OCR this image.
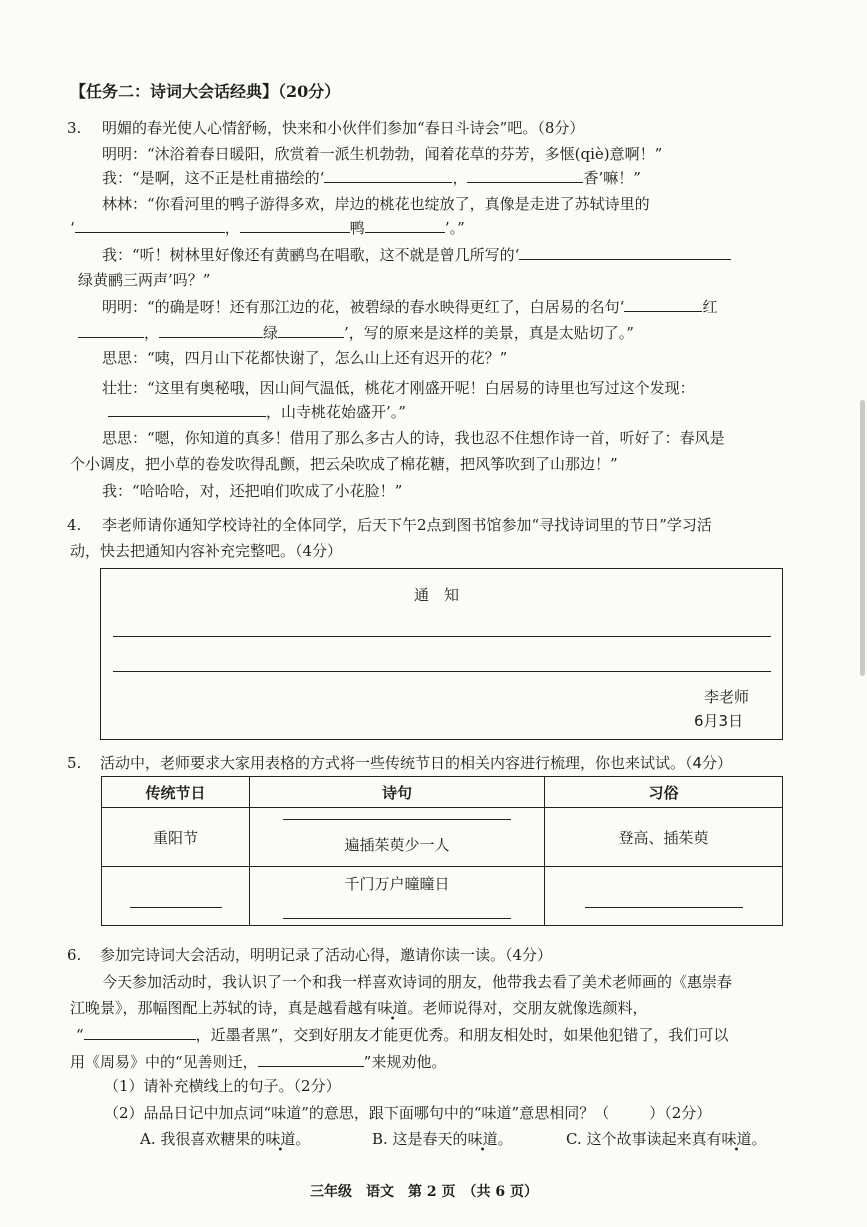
【任务二：诗词大会话经典】（20分）
3. 明媚的春光使人心情舒畅，快来和小伙伴们参加“春日斗诗会”吧。（8分）
明明：“沐浴着春日暖阳，欣赏着一派生机勃勃，闻着花草的芬芳，多惬(qiè)意啊！”
我：“是啊，这不正是杜甫描绘的‘	，	香’嘛！”
林林：“你看河里的鸭子游得多欢，岸边的桃花也绽放了，真像是走进了苏轼诗里的
‘	，	鸭	’。”
我：“听！树林里好像还有黄鹂鸟在唱歌，这不就是曾几所写的‘
绿黄鹂三两声’吗？”
明明：“的确是呀！还有那江边的花，被碧绿的春水映得更红了，白居易的名句‘	红
，	绿	’，写的原来是这样的美景，真是太贴切了。”
思思：“咦，四月山下花都快谢了，怎么山上还有迟开的花？”
壮壮：“这里有奥秘哦，因山间气温低，桃花才刚盛开呢！白居易的诗里也写过这个发现：
，山寺桃花始盛开’。”
思思：“嗯，你知道的真多！借用了那么多古人的诗，我也忍不住想作诗一首，听好了：春风是
个小调皮，把小草的卷发吹得乱颤，把云朵吹成了棉花糖，把风筝吹到了山那边！”
我：“哈哈哈，对，还把咱们吹成了小花脸！”
4. 李老师请你通知学校诗社的全体同学，后天下午2点到图书馆参加“寻找诗词里的节日”学习活
动，快去把通知内容补充完整吧。（4分）
通　知
李老师
6月3日
5. 活动中，老师要求大家用表格的方式将一些传统节日的相关内容进行梳理，你也来试试。（4分）
传统节日	诗句	习俗
重阳节	遍插茱萸少一人	登高、插茱萸

	千门万户曈曈日	

6. 参加完诗词大会活动，明明记录了活动心得，邀请你读一读。（4分）
今天参加活动时，我认识了一个和我一样喜欢诗词的朋友，他带我去看了美术老师画的《惠崇春
江晚景》，那幅图配上苏轼的诗，真是越看越有味道。老师说得对，交朋友就像选颜料，
“	，近墨者黑”，交到好朋友才能更优秀。和朋友相处时，如果他犯错了，我们可以
用《周易》中的“见善则迁，	”来规劝他。
（1）请补充横线上的句子。（2分）
（2）品品日记中加点词“味道”的意思，跟下面哪句中的“味道”意思相同？（	）（2分）
A. 我很喜欢糖果的味道。	B. 这是春天的味道。	C. 这个故事读起来真有味道。
三年级　语文　第 2 页　（共 6 页）
